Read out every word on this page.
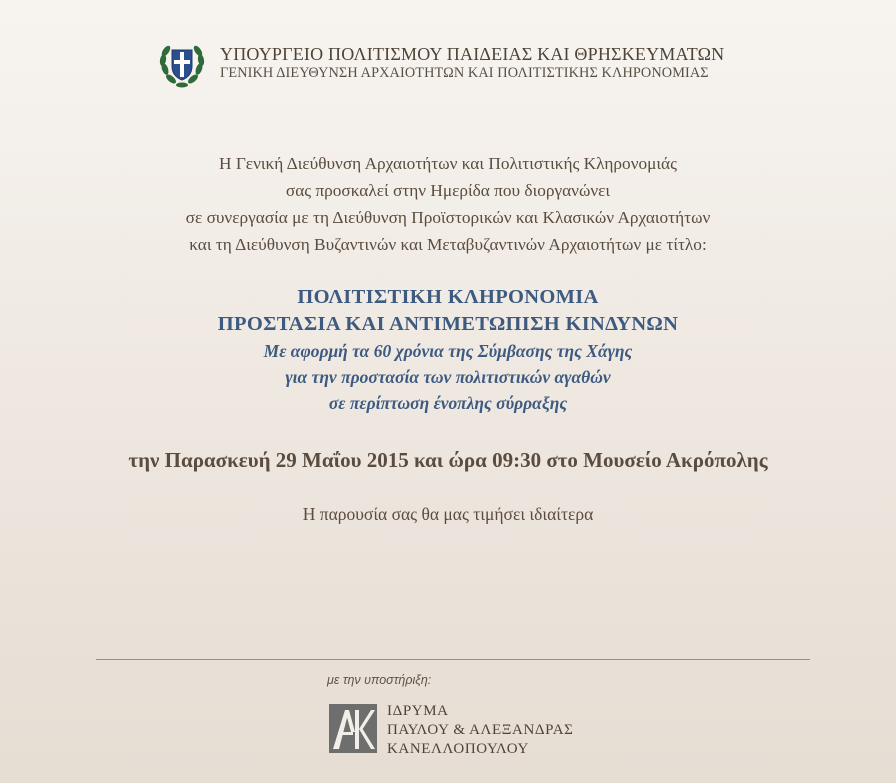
ΥΠΟΥΡΓΕΙΟ ΠΟΛΙΤΙΣΜΟΥ ΠΑΙΔΕΙΑΣ ΚΑΙ ΘΡΗΣΚΕΥΜΑΤΩΝ
ΓΕΝΙΚΗ ΔΙΕΥΘΥΝΣΗ ΑΡΧΑΙΟΤΗΤΩΝ ΚΑΙ ΠΟΛΙΤΙΣΤΙΚΗΣ ΚΛΗΡΟΝΟΜΙΑΣ
Η Γενική Διεύθυνση Αρχαιοτήτων και Πολιτιστικής Κληρονομιάς
σας προσκαλεί στην Ημερίδα που διοργανώνει
σε συνεργασία με τη Διεύθυνση Προϊστορικών και Κλασικών Αρχαιοτήτων
και τη Διεύθυνση Βυζαντινών και Μεταβυζαντινών Αρχαιοτήτων με τίτλο:
ΠΟΛΙΤΙΣΤΙΚΗ ΚΛΗΡΟΝΟΜΙΑ
ΠΡΟΣΤΑΣΙΑ ΚΑΙ ΑΝΤΙΜΕΤΩΠΙΣΗ ΚΙΝΔΥΝΩΝ
Με αφορμή τα 60 χρόνια της Σύμβασης της Χάγης
για την προστασία των πολιτιστικών αγαθών
σε περίπτωση ένοπλης σύρραξης
την Παρασκευή 29 Μαΐου 2015 και ώρα 09:30 στο Μουσείο Ακρόπολης
Η παρουσία σας θα μας τιμήσει ιδιαίτερα
με την υποστήριξη:
ΙΔΡΥΜΑ
ΠΑΥΛΟΥ & ΑΛΕΞΑΝΔΡΑΣ
ΚΑΝΕΛΛΟΠΟΥΛΟΥ
